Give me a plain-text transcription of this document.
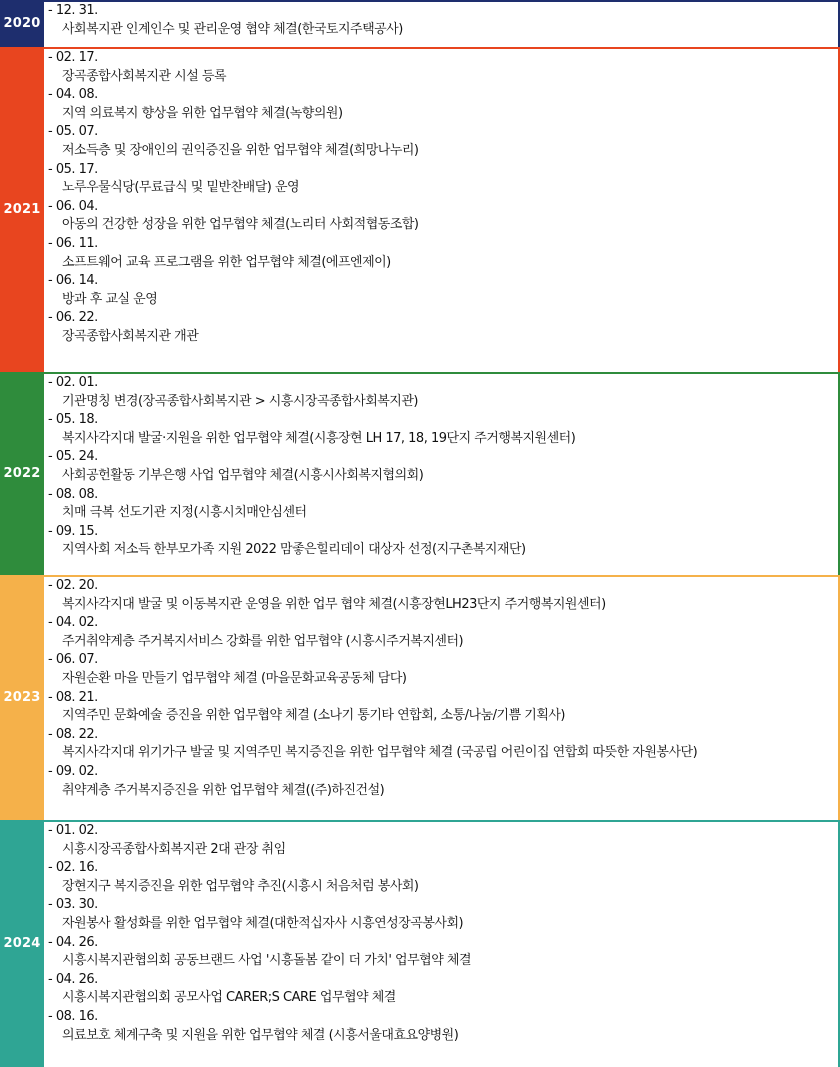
2020
- 12. 31.
사회복지관 인계인수 및 관리운영 협약 체결(한국토지주택공사)
2021
- 02. 17.
장곡종합사회복지관 시설 등록
- 04. 08.
지역 의료복지 향상을 위한 업무협약 체결(녹향의원)
- 05. 07.
저소득층 및 장애인의 권익증진을 위한 업무협약 체결(희망나누리)
- 05. 17.
노루우물식당(무료급식 및 밑반찬배달) 운영
- 06. 04.
아동의 건강한 성장을 위한 업무협약 체결(노리터 사회적협동조합)
- 06. 11.
소프트웨어 교육 프로그램을 위한 업무협약 체결(에프엔제이)
- 06. 14.
방과 후 교실 운영
- 06. 22.
장곡종합사회복지관 개관
2022
- 02. 01.
기관명칭 변경(장곡종합사회복지관 > 시흥시장곡종합사회복지관)
- 05. 18.
복지사각지대 발굴·지원을 위한 업무협약 체결(시흥장현 LH 17, 18, 19단지 주거행복지원센터)
- 05. 24.
사회공헌활동 기부은행 사업 업무협약 체결(시흥시사회복지협의회)
- 08. 08.
치매 극복 선도기관 지정(시흥시치매안심센터
- 09. 15.
지역사회 저소득 한부모가족 지원 2022 맘좋은힐리데이 대상자 선정(지구촌복지재단)
2023
- 02. 20.
복지사각지대 발굴 및 이동복지관 운영을 위한 업무 협약 체결(시흥장현LH23단지 주거행복지원센터)
- 04. 02.
주거취약계층 주거복지서비스 강화를 위한 업무협약 (시흥시주거복지센터)
- 06. 07.
자원순환 마을 만들기 업무협약 체결 (마을문화교육공동체 담다)
- 08. 21.
지역주민 문화예술 증진을 위한 업무협약 체결 (소나기 통기타 연합회, 소통/나눔/기쁨 기획사)
- 08. 22.
복지사각지대 위기가구 발굴 및 지역주민 복지증진을 위한 업무협약 체결 (국공립 어린이집 연합회 따뜻한 자원봉사단)
- 09. 02.
취약계층 주거복지증진을 위한 업무협약 체결((주)하진건설)
2024
- 01. 02.
시흥시장곡종합사회복지관 2대 관장 취임
- 02. 16.
장현지구 복지증진을 위한 업무협약 추진(시흥시 처음처럼 봉사회)
- 03. 30.
자원봉사 활성화를 위한 업무협약 체결(대한적십자사 시흥연성장곡봉사회)
- 04. 26.
시흥시복지관협의회 공동브랜드 사업 '시흥돌봄 같이 더 가치' 업무협약 체결
- 04. 26.
시흥시복지관협의회 공모사업 CARER;S CARE 업무협약 체결
- 08. 16.
의료보호 체계구축 및 지원을 위한 업무협약 체결 (시흥서울대효요양병원)
